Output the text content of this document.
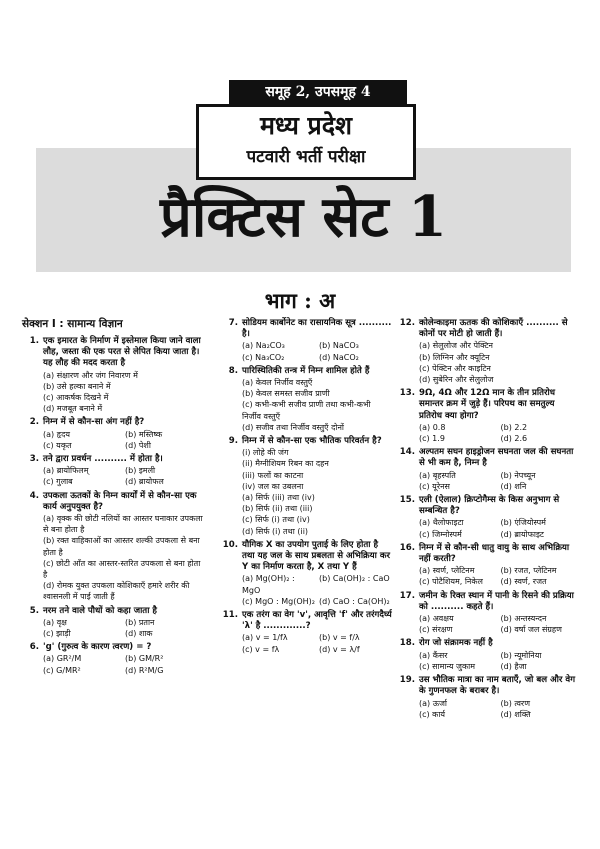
समूह 2, उपसमूह 4
मध्य प्रदेश
पटवारी भर्ती परीक्षा
प्रैक्टिस सेट 1
भाग : अ
सेक्शन I : सामान्य विज्ञान
1. एक इमारत के निर्माण में इस्तेमाल किया जाने वाला लौह, जस्ता की एक परत से लेपित किया जाता है। यह लौह की मदद करता है
(a) संक्षारण और जंग निवारण में
(b) उसे हल्का बनाने में
(c) आकर्षक दिखने में
(d) मजबूत बनाने में
2. निम्न में से कौन-सा अंग नहीं है?
(a) हृदय	(b) मस्तिष्क
(c) यकृत	(d) पेशी
3. तने द्वारा प्रवर्धन .......... में होता है।
(a) ब्रायोफिलम्	(b) इमली
(c) गुलाब	(d) ब्रायोफल
4. उपकला ऊतकों के निम्न कार्यों में से कौन-सा एक कार्य अनुपयुक्त है?
(a) वृक्क की छोटी नलियों का आस्तर घनाकार उपकला से बना होता है
(b) रक्त वाहिकाओं का आस्तर शल्की उपकला से बना होता है
(c) छोटी आँत का आस्तर-स्तरित उपकला से बना होता है
(d) रोमक युक्त उपकला कोशिकाएँ हमारे शरीर की श्वासनली में पाई जाती हैं
5. नरम तने वाले पौधों को कहा जाता है
(a) वृक्ष	(b) प्रतान
(c) झाड़ी	(d) शाक
6. 'g' (गुरुत्व के कारण त्वरण) = ?
(a) GR²/M	(b) GM/R²
(c) G/MR²	(d) R²M/G
7. सोडियम कार्बोनेट का रासायनिक सूत्र .......... है।
(a) Na₂CO₃	(b) NaCO₃
(c) Na₃CO₂	(d) NaCO₂
8. पारिस्थितिकी तन्त्र में निम्न शामिल होते हैं
(a) केवल निर्जीव वस्तुएँ
(b) केवल समस्त सजीव प्राणी
(c) कभी-कभी सजीव प्राणी तथा कभी-कभी निर्जीव वस्तुएँ
(d) सजीव तथा निर्जीव वस्तुएँ दोनों
9. निम्न में से कौन-सा एक भौतिक परिवर्तन है?
(i) लोहे की जंग
(ii) मैग्नीशियम रिबन का दहन
(iii) फलों का काटना
(iv) जल का उबलना
(a) सिर्फ (iii) तथा (iv)
(b) सिर्फ (ii) तथा (iii)
(c) सिर्फ (i) तथा (iv)
(d) सिर्फ (i) तथा (ii)
10. यौगिक X का उपयोग पुताई के लिए होता है तथा यह जल के साथ प्रबलता से अभिक्रिया कर Y का निर्माण करता है, X तथा Y हैं
(a) Mg(OH)₂ : MgO
(b) Ca(OH)₂ : CaO
(c) MgO : Mg(OH)₂ (d) CaO : Ca(OH)₂
11. एक तरंग का वेग 'v', आवृत्ति 'f' और तरंगदैर्घ्य 'λ' है .............?
(a) v = 1/fλ	(b) v = f/λ
(c) v = fλ	(d) v = λ/f
12. कोलेन्काइमा ऊतक की कोशिकाएँ .......... से कोनों पर मोटी हो जाती हैं।
(a) सेलुलोज और पेक्टिन
(b) लिग्निन और क्यूटिन
(c) पेक्टिन और काइटिन
(d) सुबेरिन और सेलुलोज
13. 9Ω, 4Ω और 12Ω मान के तीन प्रतिरोध समान्तर क्रम में जुड़े हैं। परिपथ का समतुल्य प्रतिरोध क्या होगा?
(a) 0.8	(b) 2.2
(c) 1.9	(d) 2.6
14. अल्पतम सघन हाइड्रोजन सघनता जल की सघनता से भी कम है, निम्न है
(a) बृहस्पति	(b) नेपच्यून
(c) यूरेनस	(d) शनि
15. एली (ऐलाल) क्रिप्टोगैम्स के किस अनुभाग से सम्बन्धित है?
(a) थैलोफाइटा	(b) एंजियोस्पर्म
(c) जिम्नोस्पर्म	(d) ब्रायोफाइट
16. निम्न में से कौन-सी धातु वायु के साथ अभिक्रिया नहीं करती?
(a) स्वर्ण, प्लेटिनम	(b) रजत, प्लेटिनम
(c) पोटैशियम, निकेल	(d) स्वर्ण, रजत
17. जमीन के रिक्त स्थान में पानी के रिसने की प्रक्रिया को .......... कहते हैं।
(a) अवक्षय	(b) अन्तस्यन्दन
(c) संरक्षण	(d) वर्षा जल संग्रहण
18. रोग जो संक्रामक नहीं है
(a) कैंसर	(b) न्यूमोनिया
(c) सामान्य जुकाम	(d) हैजा
19. उस भौतिक मात्रा का नाम बताएँ, जो बल और वेग के गुणनफल के बराबर है।
(a) ऊर्जा	(b) त्वरण
(c) कार्य	(d) शक्ति
